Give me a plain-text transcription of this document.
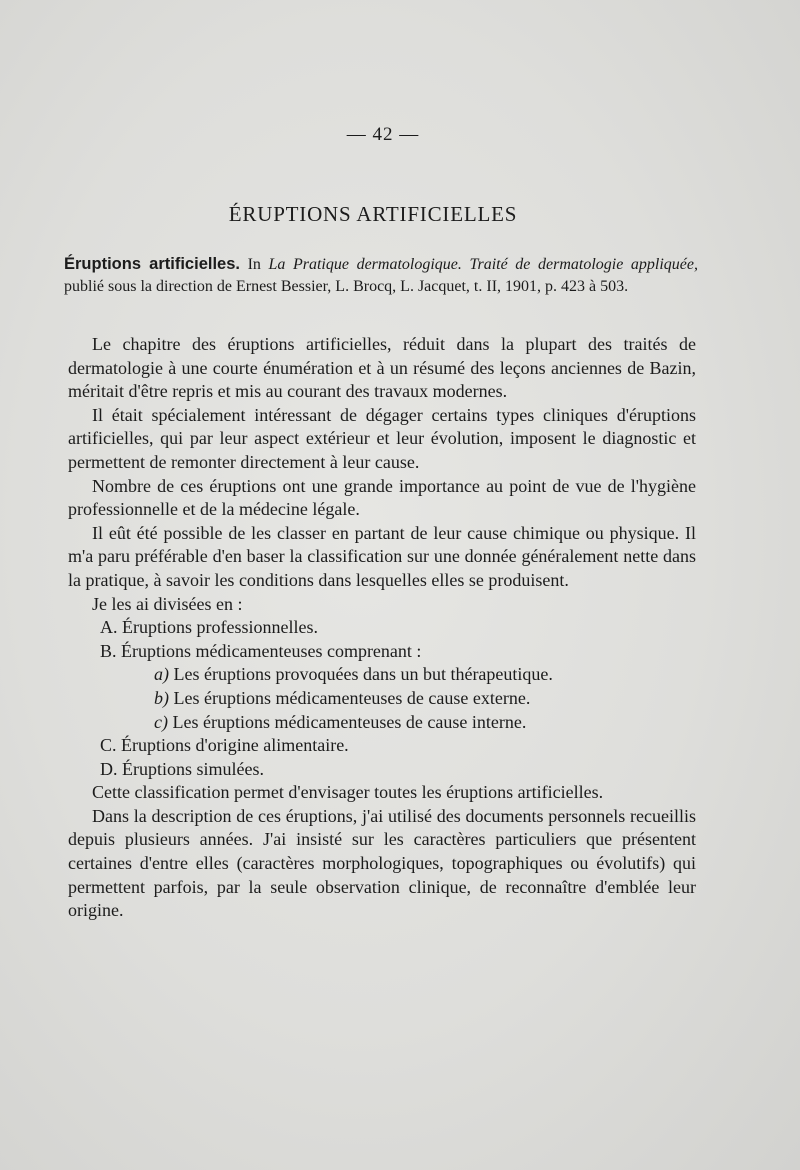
— 42 —
ÉRUPTIONS ARTIFICIELLES
Éruptions artificielles. In La Pratique dermatologique. Traité de dermatologie appliquée, publié sous la direction de Ernest Bessier, L. Brocq, L. Jacquet, t. II, 1901, p. 423 à 503.

Le chapitre des éruptions artificielles, réduit dans la plupart des traités de dermatologie à une courte énumération et à un résumé des leçons anciennes de Bazin, méritait d'être repris et mis au courant des travaux modernes.

Il était spécialement intéressant de dégager certains types cliniques d'éruptions artificielles, qui par leur aspect extérieur et leur évolution, imposent le diagnostic et permettent de remonter directement à leur cause.

Nombre de ces éruptions ont une grande importance au point de vue de l'hygiène professionnelle et de la médecine légale.

Il eût été possible de les classer en partant de leur cause chimique ou physique. Il m'a paru préférable d'en baser la classification sur une donnée généralement nette dans la pratique, à savoir les conditions dans lesquelles elles se produisent.

Je les ai divisées en :

A. Éruptions professionnelles.

B. Éruptions médicamenteuses comprenant :

a) Les éruptions provoquées dans un but thérapeutique.

b) Les éruptions médicamenteuses de cause externe.

c) Les éruptions médicamenteuses de cause interne.

C. Éruptions d'origine alimentaire.

D. Éruptions simulées.

Cette classification permet d'envisager toutes les éruptions artificielles.

Dans la description de ces éruptions, j'ai utilisé des documents personnels recueillis depuis plusieurs années. J'ai insisté sur les caractères particuliers que présentent certaines d'entre elles (caractères morphologiques, topographiques ou évolutifs) qui permettent parfois, par la seule observation clinique, de reconnaître d'emblée leur origine.
